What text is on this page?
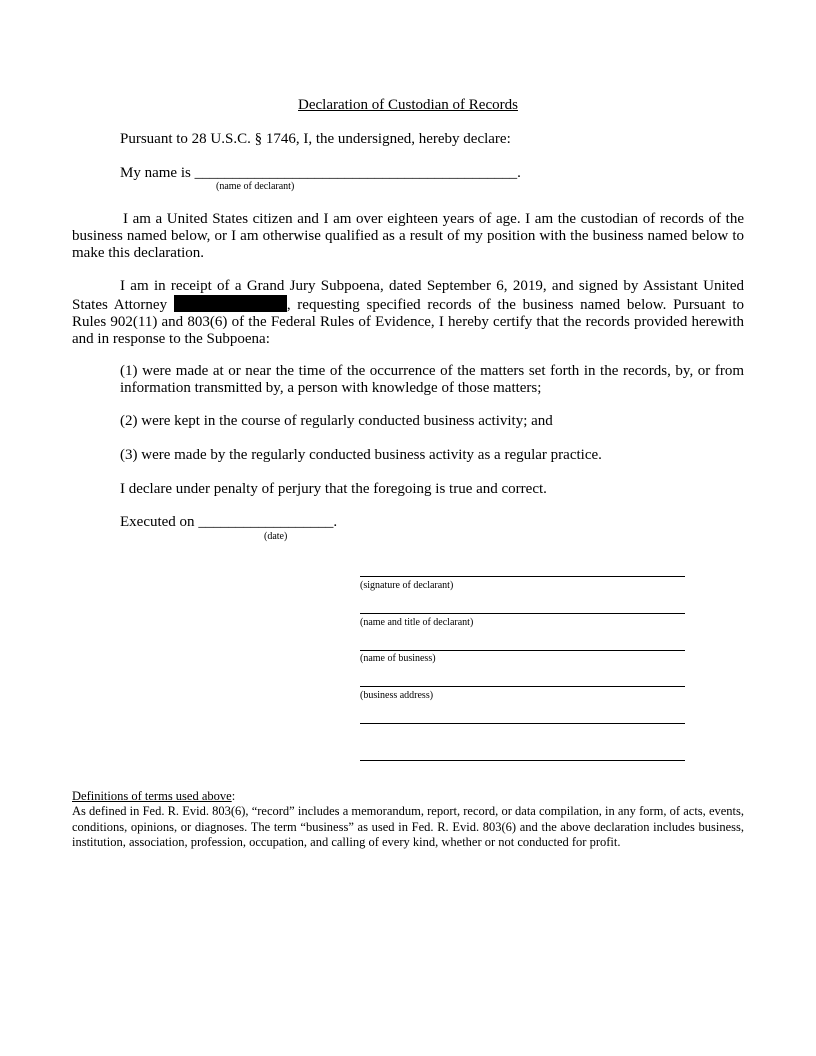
Declaration of Custodian of Records
Pursuant to 28 U.S.C. § 1746, I, the undersigned, hereby declare:
My name is ___________________________________________.
(name of declarant)
I am a United States citizen and I am over eighteen years of age. I am the custodian of records of the business named below, or I am otherwise qualified as a result of my position with the business named below to make this declaration.
I am in receipt of a Grand Jury Subpoena, dated September 6, 2019, and signed by Assistant United States Attorney	, requesting specified records of the business named below. Pursuant to Rules 902(11) and 803(6) of the Federal Rules of Evidence, I hereby certify that the records provided herewith and in response to the Subpoena:
(1) were made at or near the time of the occurrence of the matters set forth in the records, by, or from information transmitted by, a person with knowledge of those matters;
(2) were kept in the course of regularly conducted business activity; and
(3) were made by the regularly conducted business activity as a regular practice.
I declare under penalty of perjury that the foregoing is true and correct.
Executed on __________________.
(date)
(signature of declarant)
(name and title of declarant)
(name of business)
(business address)
Definitions of terms used above:
As defined in Fed. R. Evid. 803(6), “record” includes a memorandum, report, record, or data compilation, in any form, of acts, events, conditions, opinions, or diagnoses. The term “business” as used in Fed. R. Evid. 803(6) and the above declaration includes business, institution, association, profession, occupation, and calling of every kind, whether or not conducted for profit.
